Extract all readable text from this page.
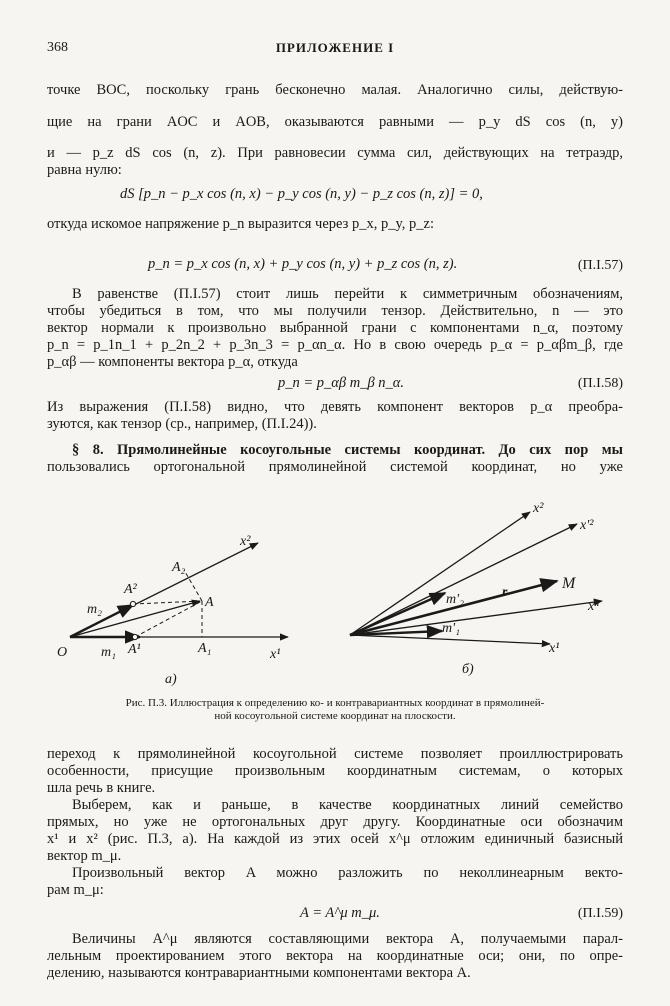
368	ПРИЛОЖЕНИЕ I
точке BOC, поскольку грань бесконечно малая. Аналогично силы, действую-
щие на грани AOC и AOB, оказываются равными — p_y dS cos (n, y)
и — p_z dS cos (n, z). При равновесии сумма сил, действующих на тетраэдр,
равна нулю:
dS [p_n − p_x cos (n, x) − p_y cos (n, y) − p_z cos (n, z)] = 0,
откуда искомое напряжение p_n выразится через p_x, p_y, p_z:
p_n = p_x cos (n, x) + p_y cos (n, y) + p_z cos (n, z).	(П.I.57)
В равенстве (П.I.57) стоит лишь перейти к симметричным обозначениям,
чтобы убедиться в том, что мы получили тензор. Действительно, n — это
вектор нормали к произвольно выбранной грани с компонентами n_α, поэтому
p_n = p_1n_1 + p_2n_2 + p_3n_3 = p_αn_α. Но в свою очередь p_α = p_αβm_β, где
p_αβ — компоненты вектора p_α, откуда
p_n = p_αβ m_β n_α.	(П.I.58)
Из выражения (П.I.58) видно, что девять компонент векторов p_α преобра-
зуются, как тензор (ср., например, (П.I.24)).
§ 8. Прямолинейные косоугольные системы координат. До сих пор мы
пользовались ортогональной прямолинейной системой координат, но уже
O	x¹
x²
A
A¹
A²
A₁
A₂
m₁
m₂
а)
x²
x'²
xⁿ
x¹
M
r
m'₂
m'₁
б)
Рис. П.3. Иллюстрация к определению ко- и контравариантных координат в прямолиней-
ной косоугольной системе координат на плоскости.
переход к прямолинейной косоугольной системе позволяет проиллюстрировать
особенности, присущие произвольным координатным системам, о которых
шла речь в книге.
Выберем, как и раньше, в качестве координатных линий семейство
прямых, но уже не ортогональных друг другу. Координатные оси обозначим
x¹ и x² (рис. П.3, а). На каждой из этих осей x^μ отложим единичный базисный
вектор m_μ.
Произвольный вектор A можно разложить по неколлинеарным векто-
рам m_μ:
A = A^μ m_μ.	(П.I.59)
Величины A^μ являются составляющими вектора A, получаемыми парал-
лельным проектированием этого вектора на координатные оси; они, по опре-
делению, называются контравариантными компонентами вектора A.
